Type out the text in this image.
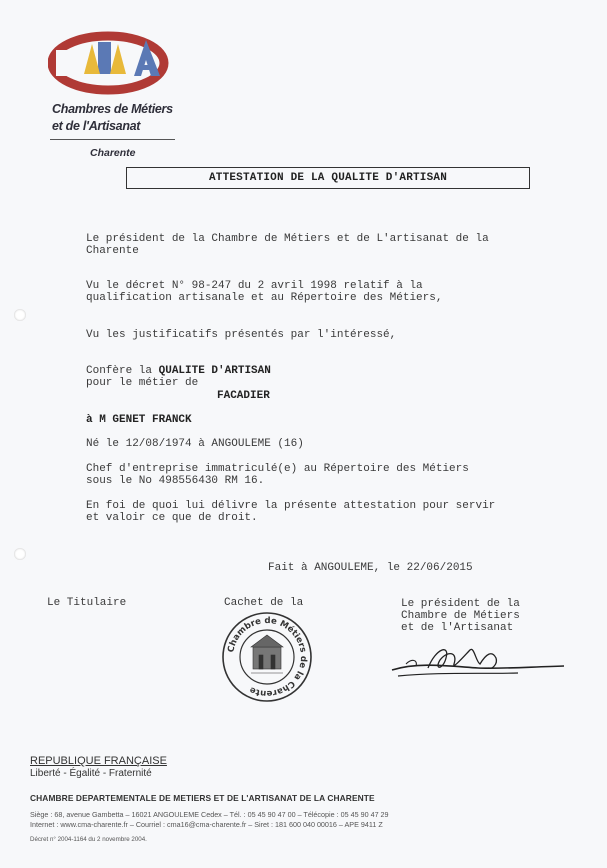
Chambres de Métiers
et de l'Artisanat
Charente
ATTESTATION DE LA QUALITE D'ARTISAN
Le président de la Chambre de Métiers et de L'artisanat de la
Charente
Vu le décret N° 98-247 du 2 avril 1998 relatif à la
qualification artisanale et au Répertoire des Métiers,
Vu les justificatifs présentés par l'intéressé,
Confère la QUALITE D'ARTISAN
pour le métier de
FACADIER
à M GENET FRANCK
Né le 12/08/1974 à ANGOULEME (16)
Chef d'entreprise immatriculé(e) au Répertoire des Métiers
sous le No 498556430 RM 16.
En foi de quoi lui délivre la présente attestation pour servir
et valoir ce que de droit.
Fait à ANGOULEME, le 22/06/2015
Le Titulaire	Cachet de la	Le président de la
Chambre de Métiers
et de l'Artisanat
Chambre de Métiers de la Charente
REPUBLIQUE FRANÇAISE
Liberté - Égalité - Fraternité
CHAMBRE DEPARTEMENTALE DE METIERS ET DE L'ARTISANAT DE LA CHARENTE
Siège : 68, avenue Gambetta – 16021 ANGOULEME Cedex – Tél. : 05 45 90 47 00 – Télécopie : 05 45 90 47 29
Internet : www.cma-charente.fr – Courriel : cma16@cma-charente.fr – Siret : 181 600 040 00016 – APE 9411 Z
Décret n° 2004-1164 du 2 novembre 2004.
